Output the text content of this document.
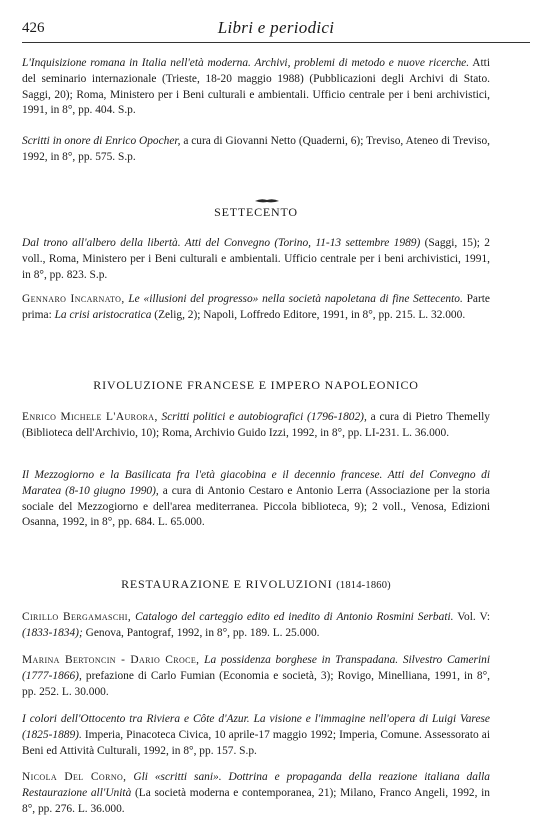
426	Libri e periodici

L'Inquisizione romana in Italia nell'età moderna. Archivi, problemi di metodo e nuove ricerche. Atti del seminario internazionale (Trieste, 18-20 maggio 1988) (Pubblicazioni degli Archivi di Stato. Saggi, 20); Roma, Ministero per i Beni culturali e ambientali. Ufficio centrale per i beni archivistici, 1991, in 8°, pp. 404. S.p.

Scritti in onore di Enrico Opocher, a cura di Giovanni Netto (Quaderni, 6); Treviso, Ateneo di Treviso, 1992, in 8°, pp. 575. S.p.

SETTECENTO

Dal trono all'albero della libertà. Atti del Convegno (Torino, 11-13 settembre 1989) (Saggi, 15); 2 voll., Roma, Ministero per i Beni culturali e ambientali. Ufficio centrale per i beni archivistici, 1991, in 8°, pp. 823. S.p.

Gennaro Incarnato, Le «illusioni del progresso» nella società napoletana di fine Settecento. Parte prima: La crisi aristocratica (Zelig, 2); Napoli, Loffredo Editore, 1991, in 8°, pp. 215. L. 32.000.

RIVOLUZIONE FRANCESE E IMPERO NAPOLEONICO

Enrico Michele L'Aurora, Scritti politici e autobiografici (1796-1802), a cura di Pietro Themelly (Biblioteca dell'Archivio, 10); Roma, Archivio Guido Izzi, 1992, in 8°, pp. LI-231. L. 36.000.

Il Mezzogiorno e la Basilicata fra l'età giacobina e il decennio francese. Atti del Convegno di Maratea (8-10 giugno 1990), a cura di Antonio Cestaro e Antonio Lerra (Associazione per la storia sociale del Mezzogiorno e dell'area mediterranea. Piccola biblioteca, 9); 2 voll., Venosa, Edizioni Osanna, 1992, in 8°, pp. 684. L. 65.000.

RESTAURAZIONE E RIVOLUZIONI (1814-1860)

Cirillo Bergamaschi, Catalogo del carteggio edito ed inedito di Antonio Rosmini Serbati. Vol. V: (1833-1834); Genova, Pantograf, 1992, in 8°, pp. 189. L. 25.000.

Marina Bertoncin - Dario Croce, La possidenza borghese in Transpadana. Silvestro Camerini (1777-1866), prefazione di Carlo Fumian (Economia e società, 3); Rovigo, Minelliana, 1991, in 8°, pp. 252. L. 30.000.

I colori dell'Ottocento tra Riviera e Côte d'Azur. La visione e l'immagine nell'opera di Luigi Varese (1825-1889). Imperia, Pinacoteca Civica, 10 aprile-17 maggio 1992; Imperia, Comune. Assessorato ai Beni ed Attività Culturali, 1992, in 8°, pp. 157. S.p.

Nicola Del Corno, Gli «scritti sani». Dottrina e propaganda della reazione italiana dalla Restaurazione all'Unità (La società moderna e contemporanea, 21); Milano, Franco Angeli, 1992, in 8°, pp. 276. L. 36.000.
